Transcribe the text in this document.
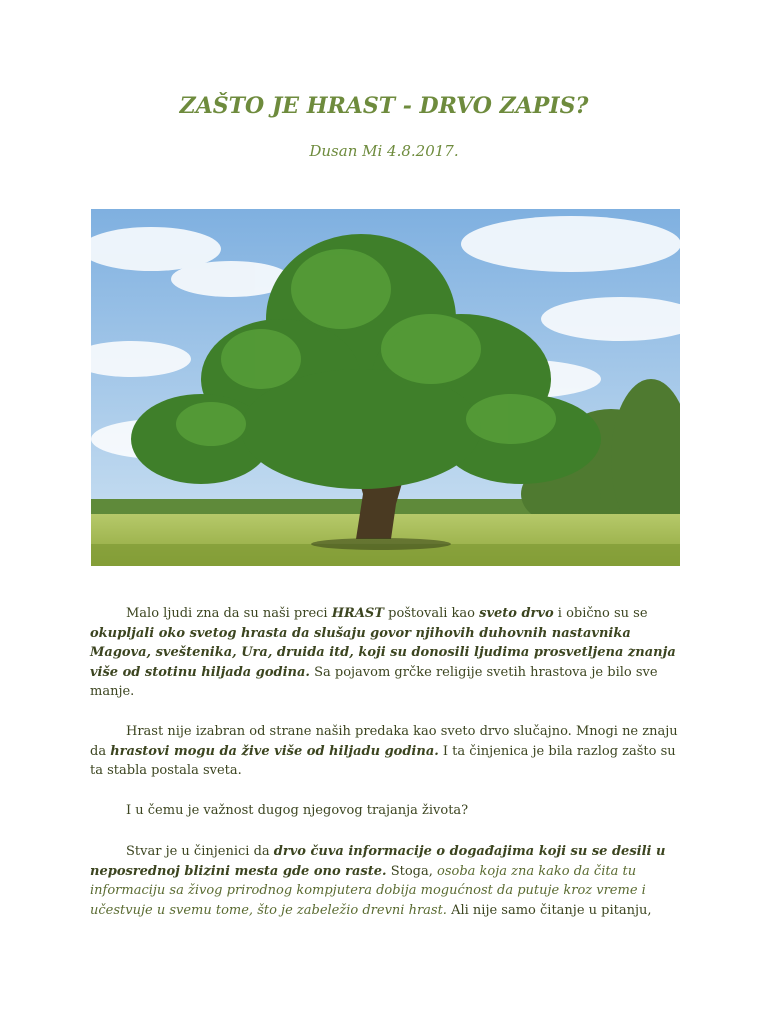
ZAŠTO JE HRAST - DRVO ZAPIS?
Dusan Mi 4.8.2017.

Malo ljudi zna da su naši preci HRAST poštovali kao sveto drvo i obično su se okupljali oko svetog hrasta da slušaju govor njihovih duhovnih nastavnika Magova, sveštenika, Ura, druida itd, koji su donosili ljudima prosvetljena znanja više od stotinu hiljada godina. Sa pojavom grčke religije svetih hrastova je bilo sve manje.

Hrast nije izabran od strane naših predaka kao sveto drvo slučajno. Mnogi ne znaju da hrastovi mogu da žive više od hiljadu godina. I ta činjenica je bila razlog zašto su ta stabla postala sveta.

I u čemu je važnost dugog njegovog trajanja života?

Stvar je u činjenici da drvo čuva informacije o događajima koji su se desili u neposrednoj blizini mesta gde ono raste. Stoga, osoba koja zna kako da čita tu informaciju sa živog prirodnog kompjutera dobija mogućnost da putuje kroz vreme i učestvuje u svemu tome, što je zabeležio drevni hrast. Ali nije samo čitanje u pitanju,
